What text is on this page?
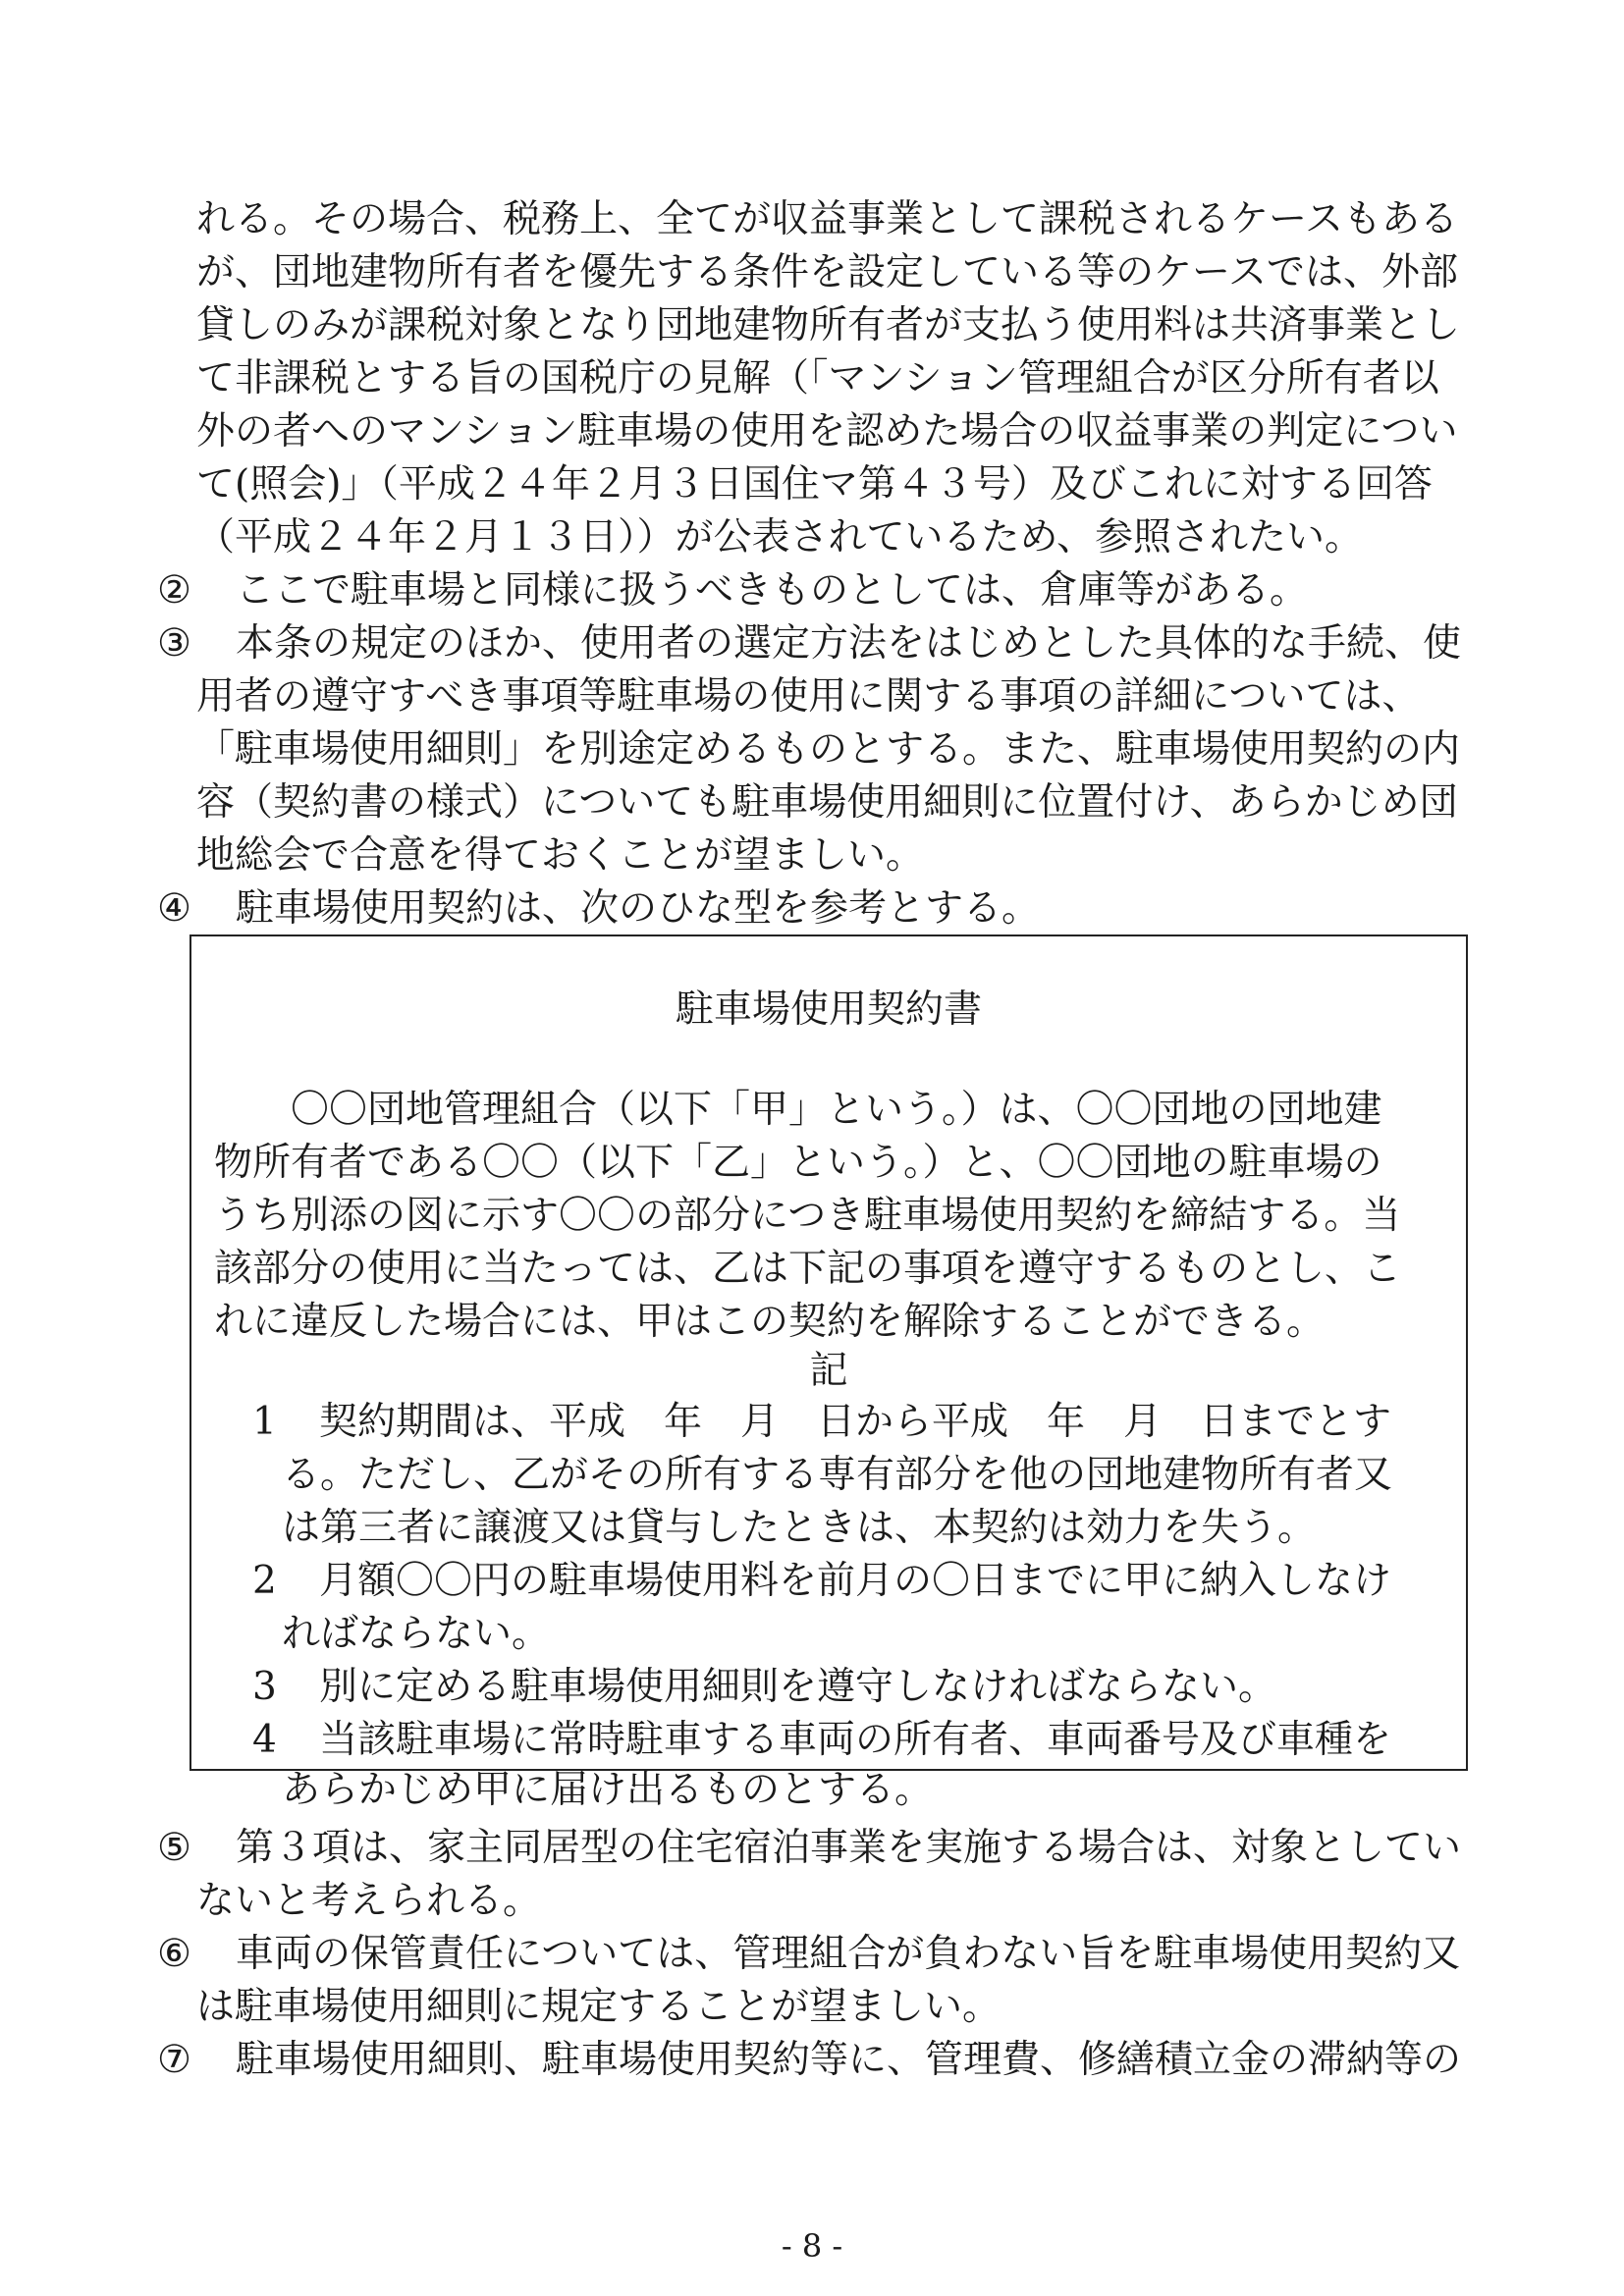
れる。その場合、税務上、全てが収益事業として課税されるケースもある
が、団地建物所有者を優先する条件を設定している等のケースでは、外部
貸しのみが課税対象となり団地建物所有者が支払う使用料は共済事業とし
て非課税とする旨の国税庁の見解（「マンション管理組合が区分所有者以
外の者へのマンション駐車場の使用を認めた場合の収益事業の判定につい
て(照会)」（平成２４年２月３日国住マ第４３号）及びこれに対する回答
（平成２４年２月１３日））が公表されているため、参照されたい。
② ここで駐車場と同様に扱うべきものとしては、倉庫等がある。
③ 本条の規定のほか、使用者の選定方法をはじめとした具体的な手続、使
用者の遵守すべき事項等駐車場の使用に関する事項の詳細については、
「駐車場使用細則」を別途定めるものとする。また、駐車場使用契約の内
容（契約書の様式）についても駐車場使用細則に位置付け、あらかじめ団
地総会で合意を得ておくことが望ましい。
④ 駐車場使用契約は、次のひな型を参考とする。
駐車場使用契約書
〇〇団地管理組合（以下「甲」という。）は、〇〇団地の団地建
物所有者である〇〇（以下「乙」という。）と、〇〇団地の駐車場の
うち別添の図に示す〇〇の部分につき駐車場使用契約を締結する。当
該部分の使用に当たっては、乙は下記の事項を遵守するものとし、こ
れに違反した場合には、甲はこの契約を解除することができる。
記
1 契約期間は、平成　年　月　日から平成　年　月　日までとす
る。ただし、乙がその所有する専有部分を他の団地建物所有者又
は第三者に譲渡又は貸与したときは、本契約は効力を失う。
2 月額〇〇円の駐車場使用料を前月の〇日までに甲に納入しなけ
ればならない。
3 別に定める駐車場使用細則を遵守しなければならない。
4 当該駐車場に常時駐車する車両の所有者、車両番号及び車種を
あらかじめ甲に届け出るものとする。
⑤ 第３項は、家主同居型の住宅宿泊事業を実施する場合は、対象としてい
ないと考えられる。
⑥ 車両の保管責任については、管理組合が負わない旨を駐車場使用契約又
は駐車場使用細則に規定することが望ましい。
⑦ 駐車場使用細則、駐車場使用契約等に、管理費、修繕積立金の滞納等の
- 8 -
